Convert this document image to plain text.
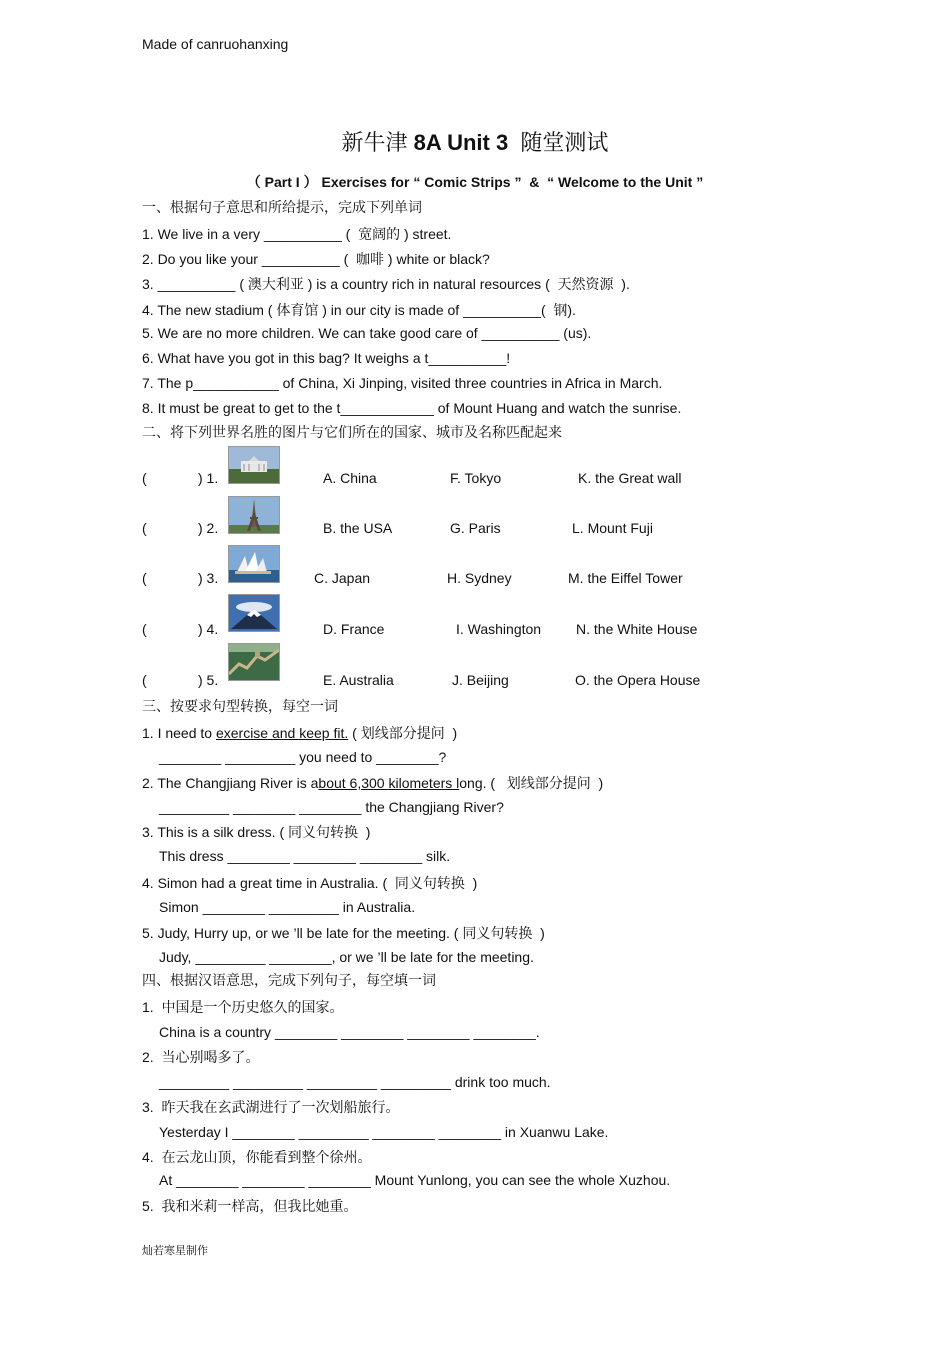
Made of canruohanxing
新牛津 8A Unit 3  随堂测试
（ Part I ） Exercises for “ Comic Strips ”  &  “ Welcome to the Unit ”
一、根据句子意思和所给提示，完成下列单词
1. We live in a very __________ (  宽阔的 ) street.
2. Do you like your __________ (  咖啡 ) white or black?
3. __________ ( 澳大利亚 ) is a country rich in natural resources (  天然资源  ).
4. The new stadium ( 体育馆 ) in our city is made of __________(  钢).
5. We are no more children. We can take good care of __________ (us).
6. What have you got in this bag? It weighs a t__________!
7. The p___________ of China, Xi Jinping, visited three countries in Africa in March.
8. It must be great to get to the t____________ of Mount Huang and watch the sunrise.
二、将下列世界名胜的图片与它们所在的国家、城市及名称匹配起来
(	) 1.	A. China	F. Tokyo	K. the Great wall
(	) 2.	B. the USA	G. Paris	L. Mount Fuji
(	) 3.	C. Japan	H. Sydney	M. the Eiffel Tower
(	) 4.	D. France	I. Washington N. the White House
(	) 5.	E. Australia	J. Beijing	O. the Opera House
三、按要求句型转换，每空一词
1. I need to exercise and keep fit. ( 划线部分提问  )
________ _________ you need to ________?
2. The Changjiang River is about 6,300 kilometers long. (   划线部分提问  )
_________ ________ ________ the Changjiang River?
3. This is a silk dress. ( 同义句转换  )
This dress ________ ________ ________ silk.
4. Simon had a great time in Australia. (  同义句转换  )
Simon ________ _________ in Australia.
5. Judy, Hurry up, or we ’ll be late for the meeting. ( 同义句转换  )
Judy, _________ ________, or we ’ll be late for the meeting.
四、根据汉语意思，完成下列句子，每空填一词
1.  中国是一个历史悠久的国家。
China is a country ________ ________ ________ ________.
2.  当心别喝多了。
_________ _________ _________ _________ drink too much.
3.  昨天我在玄武湖进行了一次划船旅行。
Yesterday I ________ _________ ________ ________ in Xuanwu Lake.
4.  在云龙山顶，你能看到整个徐州。
At ________ ________ ________ Mount Yunlong, you can see the whole Xuzhou.
5.  我和米莉一样高，但我比她重。
灿若寒星制作
